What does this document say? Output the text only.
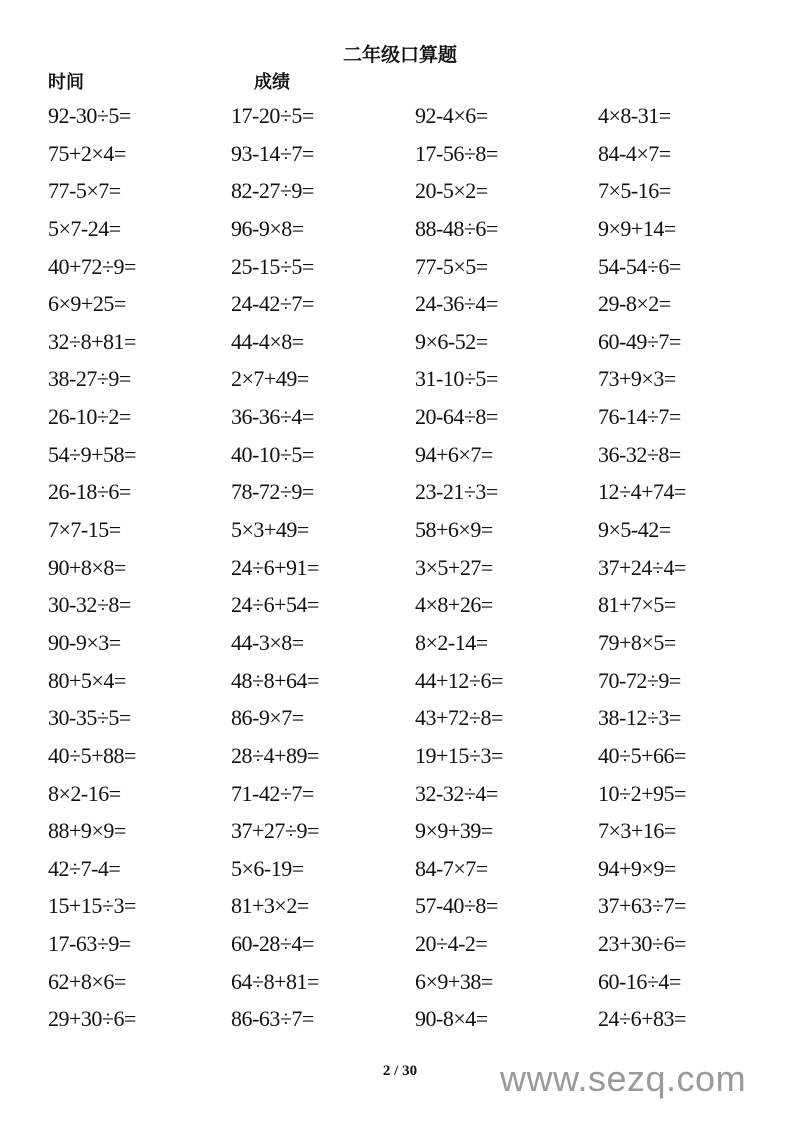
二年级口算题
时间	成绩
92-30÷5=	17-20÷5=	92-4×6=	4×8-31=
75+2×4=	93-14÷7=	17-56÷8=	84-4×7=
77-5×7=	82-27÷9=	20-5×2=	7×5-16=
5×7-24=	96-9×8=	88-48÷6=	9×9+14=
40+72÷9=	25-15÷5=	77-5×5=	54-54÷6=
6×9+25=	24-42÷7=	24-36÷4=	29-8×2=
32÷8+81=	44-4×8=	9×6-52=	60-49÷7=
38-27÷9=	2×7+49=	31-10÷5=	73+9×3=
26-10÷2=	36-36÷4=	20-64÷8=	76-14÷7=
54÷9+58=	40-10÷5=	94+6×7=	36-32÷8=
26-18÷6=	78-72÷9=	23-21÷3=	12÷4+74=
7×7-15=	5×3+49=	58+6×9=	9×5-42=
90+8×8=	24÷6+91=	3×5+27=	37+24÷4=
30-32÷8=	24÷6+54=	4×8+26=	81+7×5=
90-9×3=	44-3×8=	8×2-14=	79+8×5=
80+5×4=	48÷8+64=	44+12÷6=	70-72÷9=
30-35÷5=	86-9×7=	43+72÷8=	38-12÷3=
40÷5+88=	28÷4+89=	19+15÷3=	40÷5+66=
8×2-16=	71-42÷7=	32-32÷4=	10÷2+95=
88+9×9=	37+27÷9=	9×9+39=	7×3+16=
42÷7-4=	5×6-19=	84-7×7=	94+9×9=
15+15÷3=	81+3×2=	57-40÷8=	37+63÷7=
17-63÷9=	60-28÷4=	20÷4-2=	23+30÷6=
62+8×6=	64÷8+81=	6×9+38=	60-16÷4=
29+30÷6=	86-63÷7=	90-8×4=	24÷6+83=
2 / 30	www.sezq.com
